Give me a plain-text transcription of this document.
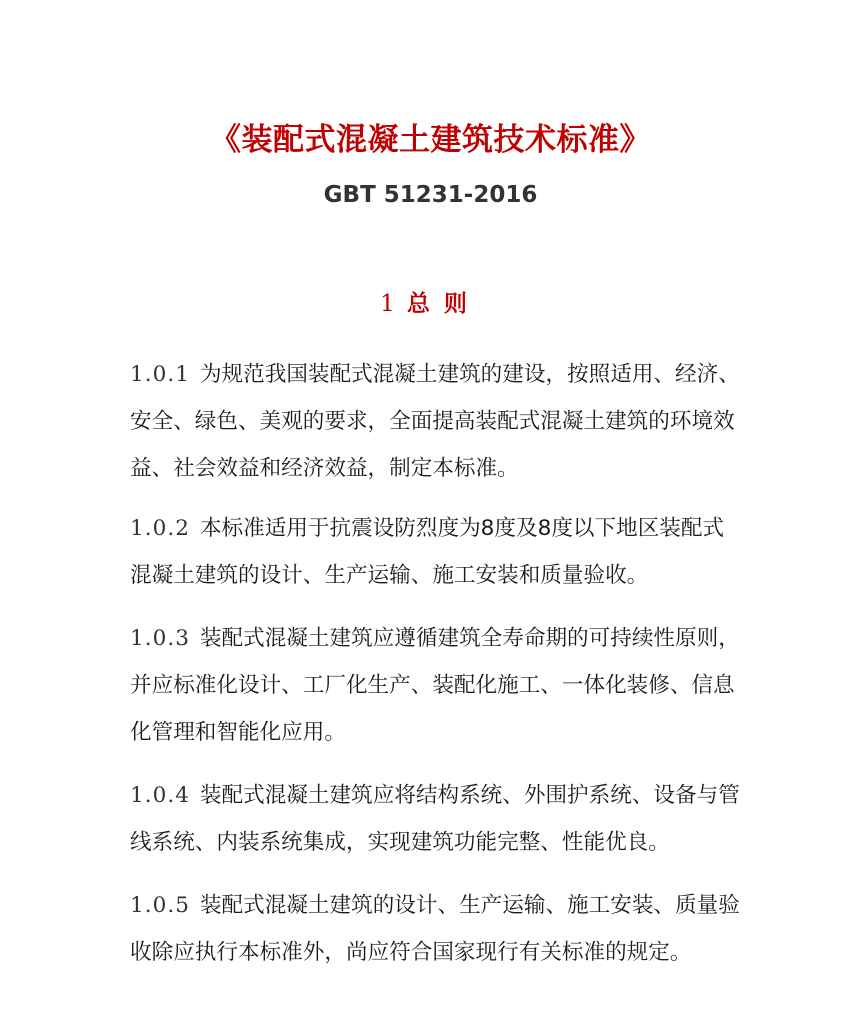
《装配式混凝土建筑技术标准》
GBT 51231-2016
1 总则

1.0.1 为规范我国装配式混凝土建筑的建设，按照适用、经济、安全、绿色、美观的要求，全面提高装配式混凝土建筑的环境效益、社会效益和经济效益，制定本标准。

1.0.2 本标准适用于抗震设防烈度为8度及8度以下地区装配式混凝土建筑的设计、生产运输、施工安装和质量验收。

1.0.3 装配式混凝土建筑应遵循建筑全寿命期的可持续性原则，并应标准化设计、工厂化生产、装配化施工、一体化装修、信息化管理和智能化应用。

1.0.4 装配式混凝土建筑应将结构系统、外围护系统、设备与管线系统、内装系统集成，实现建筑功能完整、性能优良。

1.0.5 装配式混凝土建筑的设计、生产运输、施工安装、质量验收除应执行本标准外，尚应符合国家现行有关标准的规定。
